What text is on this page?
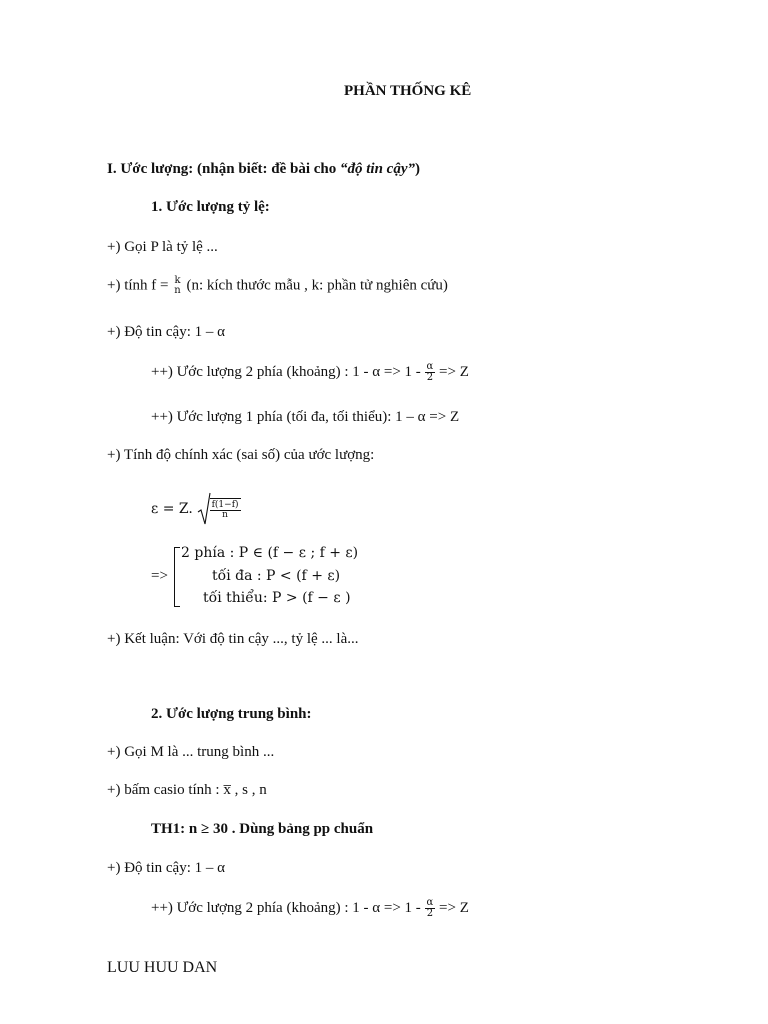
PHẦN THỐNG KÊ
I. Ước lượng: (nhận biết: đề bài cho “độ tin cậy”)
1. Ước lượng tỷ lệ:
+) Gọi P là tỷ lệ ...
+) tính f = k
n (n: kích thước mẫu , k: phần tử nghiên cứu)
+) Độ tin cậy: 1 – α
++) Ước lượng 2 phía (khoảng) : $1 - \alpha => 1 - \frac{\alpha}{2} => Z$
++) Ước lượng 1 phía (tối đa, tối thiểu): 1 – α => Z
+) Tính độ chính xác (sai số) của ước lượng:
ε = Z. $\frac{f(1-f)}{n}$
=>
2 phía : P ∈ (f − ε ; f + ε)
tối đa : P < (f + ε)
tối thiểu: P > (f − ε )
+) Kết luận: Với độ tin cậy ..., tỷ lệ ... là...
2. Ước lượng trung bình:
+) Gọi M là ... trung bình ...
+) bấm casio tính : x̅ , s , n
TH1: n ≥ 30 . Dùng bảng pp chuẩn
+) Độ tin cậy: 1 – α
++) Ước lượng 2 phía (khoảng) : $1 - \alpha => 1 - \frac{\alpha}{2} => Z$
LUU HUU DAN
